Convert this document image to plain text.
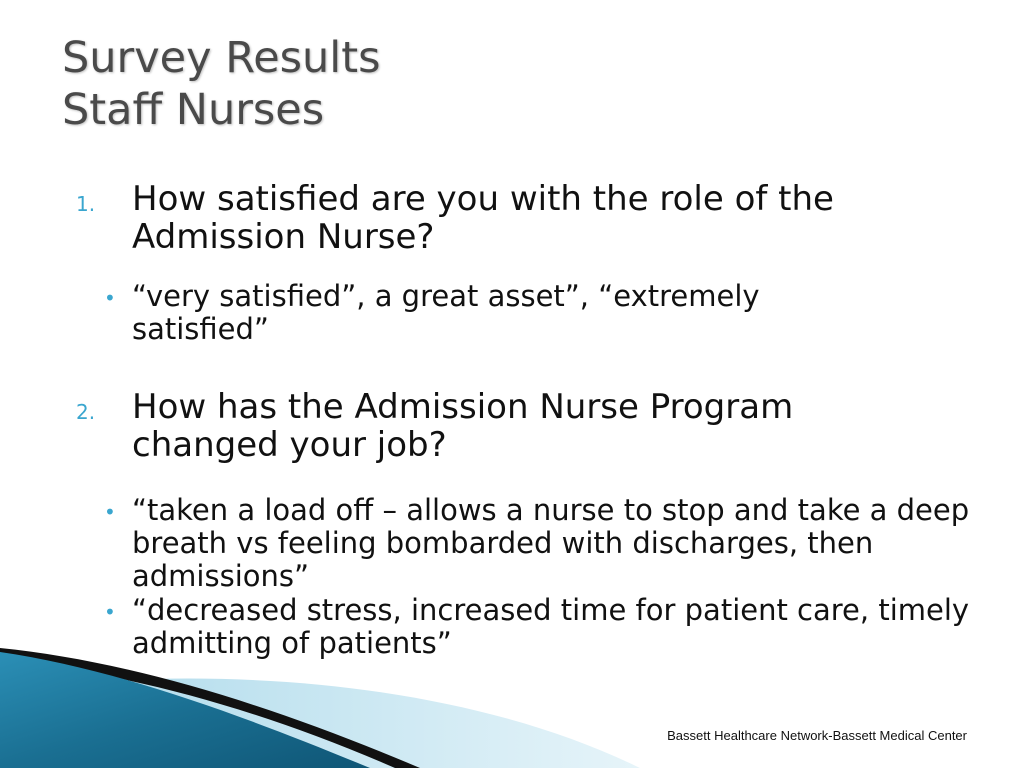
Survey Results
Staff Nurses
1. How satisfied are you with the role of the Admission Nurse?
• “very satisfied”, a great asset”, “extremely satisfied”
2. How has the Admission Nurse Program changed your job?
• “taken a load off – allows a nurse to stop and take a deep breath vs feeling bombarded with discharges, then admissions”
• “decreased stress, increased time for patient care, timely admitting of patients”
Bassett Healthcare Network-Bassett Medical Center
